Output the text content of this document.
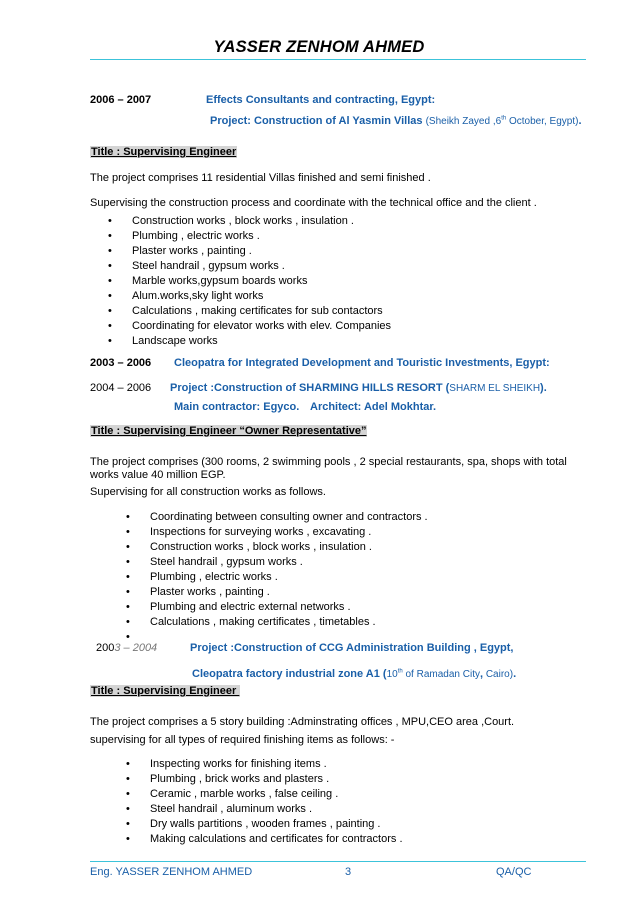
YASSER ZENHOM AHMED
2006 – 2007	Effects Consultants and contracting, Egypt:
Project: Construction of Al Yasmin Villas (Sheikh Zayed ,6th October, Egypt).
Title : Supervising Engineer
The project comprises 11 residential Villas finished and semi finished .
Supervising the construction process and coordinate with the technical office and the client .
• Construction works , block works , insulation .
• Plumbing , electric works .
• Plaster works , painting .
• Steel handrail , gypsum works .
• Marble works,gypsum boards works
• Alum.works,sky light works
• Calculations , making certificates for sub contactors
• Coordinating for elevator works with elev. Companies
• Landscape works
2003 – 2006 Cleopatra for Integrated Development and Touristic Investments, Egypt:
2004 – 2006 Project :Construction of SHARMING HILLS RESORT (SHARM EL SHEIKH).
Main contractor: Egyco. Architect: Adel Mokhtar.
Title : Supervising Engineer “Owner Representative”
The project comprises (300 rooms, 2 swimming pools , 2 special restaurants, spa, shops with total
works value 40 million EGP.
Supervising for all construction works as follows.
• Coordinating between consulting owner and contractors .
• Inspections for surveying works , excavating .
• Construction works , block works , insulation .
• Steel handrail , gypsum works .
• Plumbing , electric works .
• Plaster works , painting .
• Plumbing and electric external networks .
• Calculations , making certificates , timetables .
•
2003 – 2004	Project :Construction of CCG Administration Building , Egypt,
Cleopatra factory industrial zone A1 (10th of Ramadan City, Cairo).
Title : Supervising Engineer
The project comprises a 5 story building :Adminstrating offices , MPU,CEO area ,Court.
supervising for all types of required finishing items as follows: -
• Inspecting works for finishing items .
• Plumbing , brick works and plasters .
• Ceramic , marble works , false ceiling .
• Steel handrail , aluminum works .
• Dry walls partitions , wooden frames , painting .
• Making calculations and certificates for contractors .
Eng. YASSER ZENHOM AHMED	3	QA/QC
